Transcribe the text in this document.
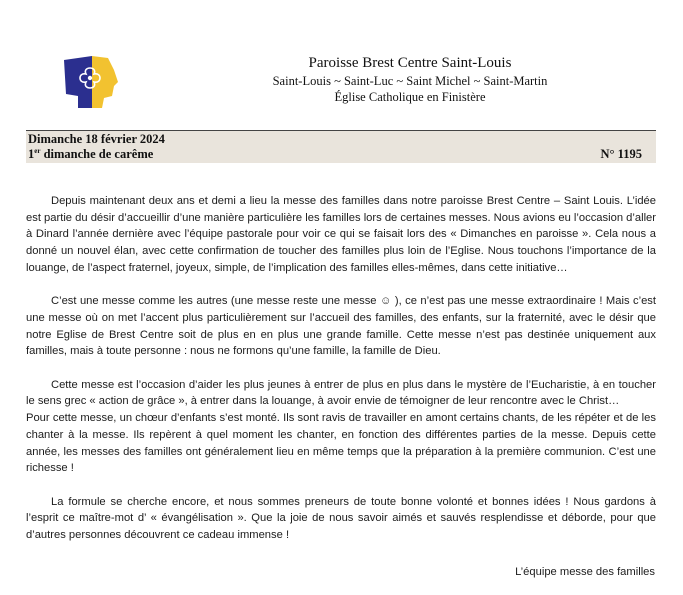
Paroisse Brest Centre Saint-Louis
Saint-Louis ~ Saint-Luc ~ Saint Michel ~ Saint-Martin
Église Catholique en Finistère
Dimanche 18 février 2024
1er dimanche de carême	N° 1195

Depuis maintenant deux ans et demi a lieu la messe des familles dans notre paroisse Brest Centre – Saint Louis. L’idée est partie du désir d’accueillir d’une manière particulière les familles lors de certaines messes. Nous avions eu l’occasion d’aller à Dinard l’année dernière avec l’équipe pastorale pour voir ce qui se faisait lors des « Dimanches en paroisse ». Cela nous a donné un nouvel élan, avec cette confirmation de toucher des familles plus loin de l’Eglise. Nous touchons l’importance de la louange, de l’aspect fraternel, joyeux, simple, de l’implication des familles elles-mêmes, dans cette initiative…

C’est une messe comme les autres (une messe reste une messe ☺ ), ce n’est pas une messe extraordinaire ! Mais c’est une messe où on met l’accent plus particulièrement sur l’accueil des familles, des enfants, sur la fraternité, avec le désir que notre Eglise de Brest Centre soit de plus en en plus une grande famille. Cette messe n’est pas destinée uniquement aux familles, mais à toute personne : nous ne formons qu’une famille, la famille de Dieu.

Cette messe est l’occasion d’aider les plus jeunes à entrer de plus en plus dans le mystère de l’Eucharistie, à en toucher le sens grec « action de grâce », à entrer dans la louange, à avoir envie de témoigner de leur rencontre avec le Christ…

Pour cette messe, un chœur d’enfants s’est monté. Ils sont ravis de travailler en amont certains chants, de les répéter et de les chanter à la messe. Ils repèrent à quel moment les chanter, en fonction des différentes parties de la messe. Depuis cette année, les messes des familles ont généralement lieu en même temps que la préparation à la première communion. C’est une richesse !

La formule se cherche encore, et nous sommes preneurs de toute bonne volonté et bonnes idées ! Nous gardons à l’esprit ce maître-mot d’ « évangélisation ». Que la joie de nous savoir aimés et sauvés resplendisse et déborde, pour que d’autres personnes découvrent ce cadeau immense !

L’équipe messe des familles
